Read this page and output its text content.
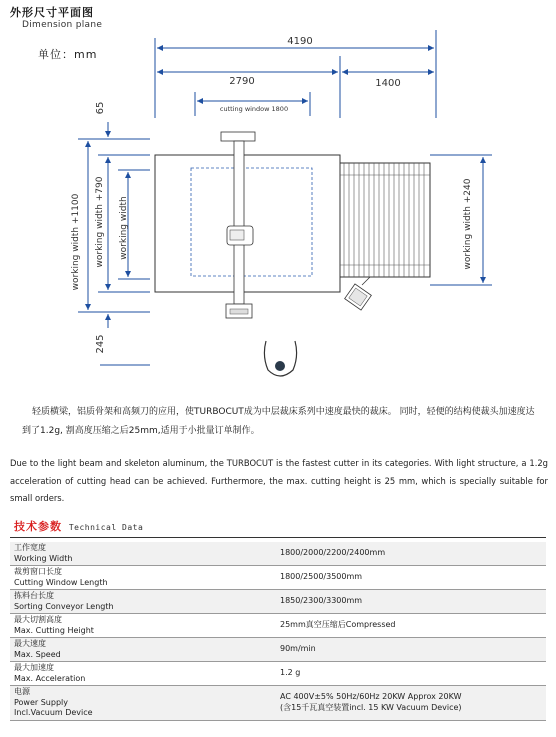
外形尺寸平面图
Dimension plane
单位：mm
4190
2790	1400
cutting window 1800
65
working width +1100 working width +790 working width
245
working width +240
轻质横梁，铝质骨架和高频刀的应用，使TURBOCUT成为中层裁床系列中速度最快的裁床。 同时，轻便的结构使裁头加速度达到了1.2g, 割高度压缩之后25mm,适用于小批量订单制作。
Due to the light beam and skeleton aluminum, the TURBOCUT is the fastest cutter in its categories. With light structure, a 1.2g acceleration of cutting head can be achieved. Furthermore, the max. cutting height is 25 mm, which is specially suitable for small orders.
技术参数 Technical Data
工作宽度
Working Width
1800/2000/2200/2400mm
裁剪窗口长度
Cutting Window Length
1800/2500/3500mm
拣料台长度
Sorting Conveyor Length
1850/2300/3300mm
最大切割高度
Max. Cutting Height
25mm真空压缩后Compressed
最大速度
Max. Speed
90m/min
最大加速度
Max. Acceleration
1.2 g
电源
Power Supply
Incl.Vacuum Device
AC 400V±5% 50Hz/60Hz 20KW Approx 20KW
(含15千瓦真空装置incl. 15 KW Vacuum Device)
